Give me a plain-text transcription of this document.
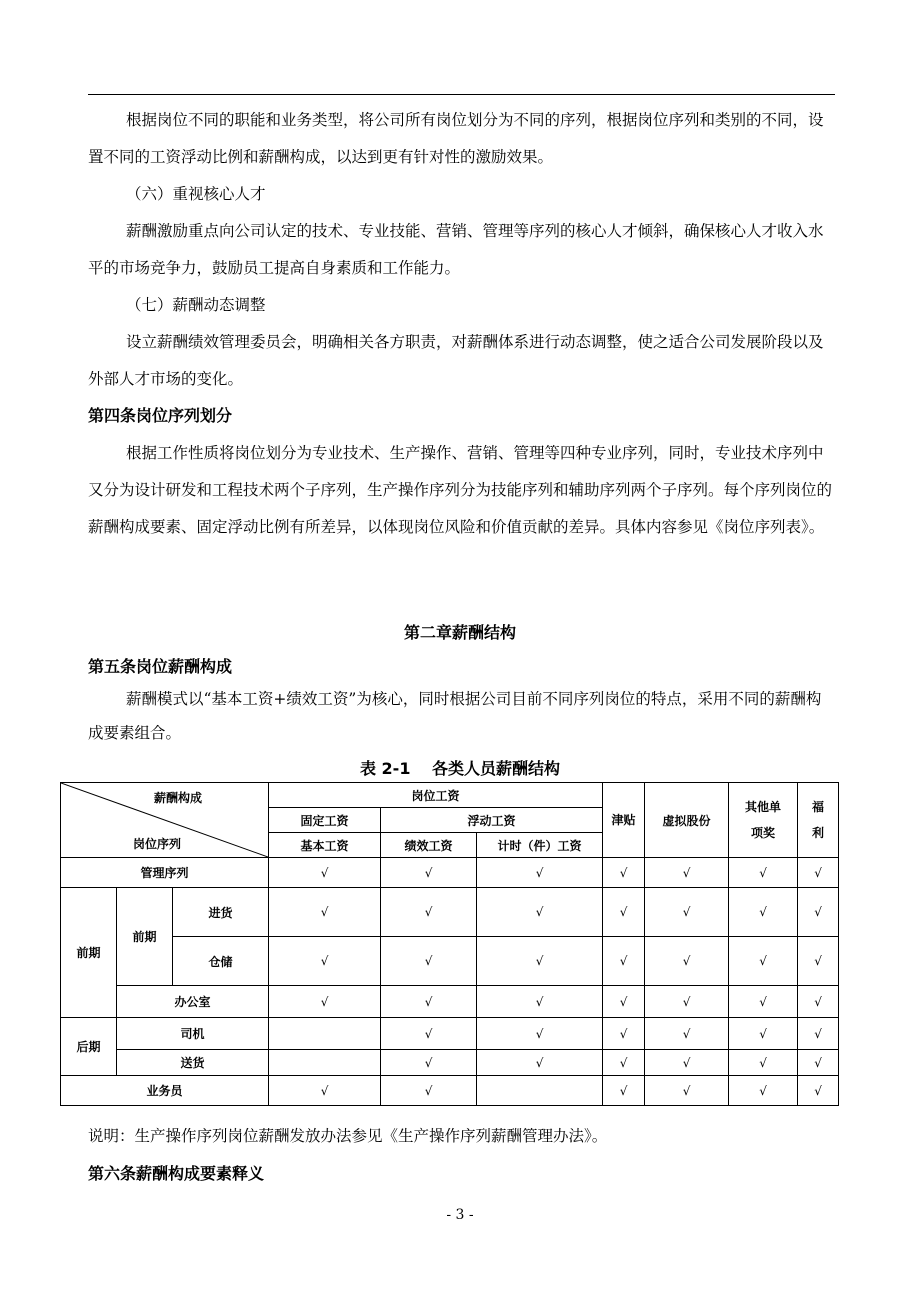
根据岗位不同的职能和业务类型，将公司所有岗位划分为不同的序列，根据岗位序列和类别的不同，设置不同的工资浮动比例和薪酬构成，以达到更有针对性的激励效果。

（六）重视核心人才

薪酬激励重点向公司认定的技术、专业技能、营销、管理等序列的核心人才倾斜，确保核心人才收入水平的市场竞争力，鼓励员工提高自身素质和工作能力。

（七）薪酬动态调整

设立薪酬绩效管理委员会，明确相关各方职责，对薪酬体系进行动态调整，使之适合公司发展阶段以及外部人才市场的变化。

第四条岗位序列划分

根据工作性质将岗位划分为专业技术、生产操作、营销、管理等四种专业序列，同时，专业技术序列中又分为设计研发和工程技术两个子序列，生产操作序列分为技能序列和辅助序列两个子序列。每个序列岗位的薪酬构成要素、固定浮动比例有所差异，以体现岗位风险和价值贡献的差异。具体内容参见《岗位序列表》。

第二章薪酬结构
第五条岗位薪酬构成

薪酬模式以“基本工资+绩效工资”为核心，同时根据公司目前不同序列岗位的特点，采用不同的薪酬构成要素组合。

表 2-1　 各类人员薪酬结构
薪酬构成
岗位序列			岗位工资			津贴	虚拟股份	其他单项奖	福利
			固定工资	浮动工资					
			基本工资	绩效工资	计时（件）工资				
管理序列			√	√	√	√	√	√	√
前期	前期	进货	√	√	√	√	√	√	√
		仓储	√	√	√	√	√	√	√
	办公室		√	√	√	√	√	√	√
后期	司机			√	√	√	√	√	√
	送货			√	√	√	√	√	√
业务员			√	√		√	√	√	√

说明：生产操作序列岗位薪酬发放办法参见《生产操作序列薪酬管理办法》。

第六条薪酬构成要素释义
- 3 -
